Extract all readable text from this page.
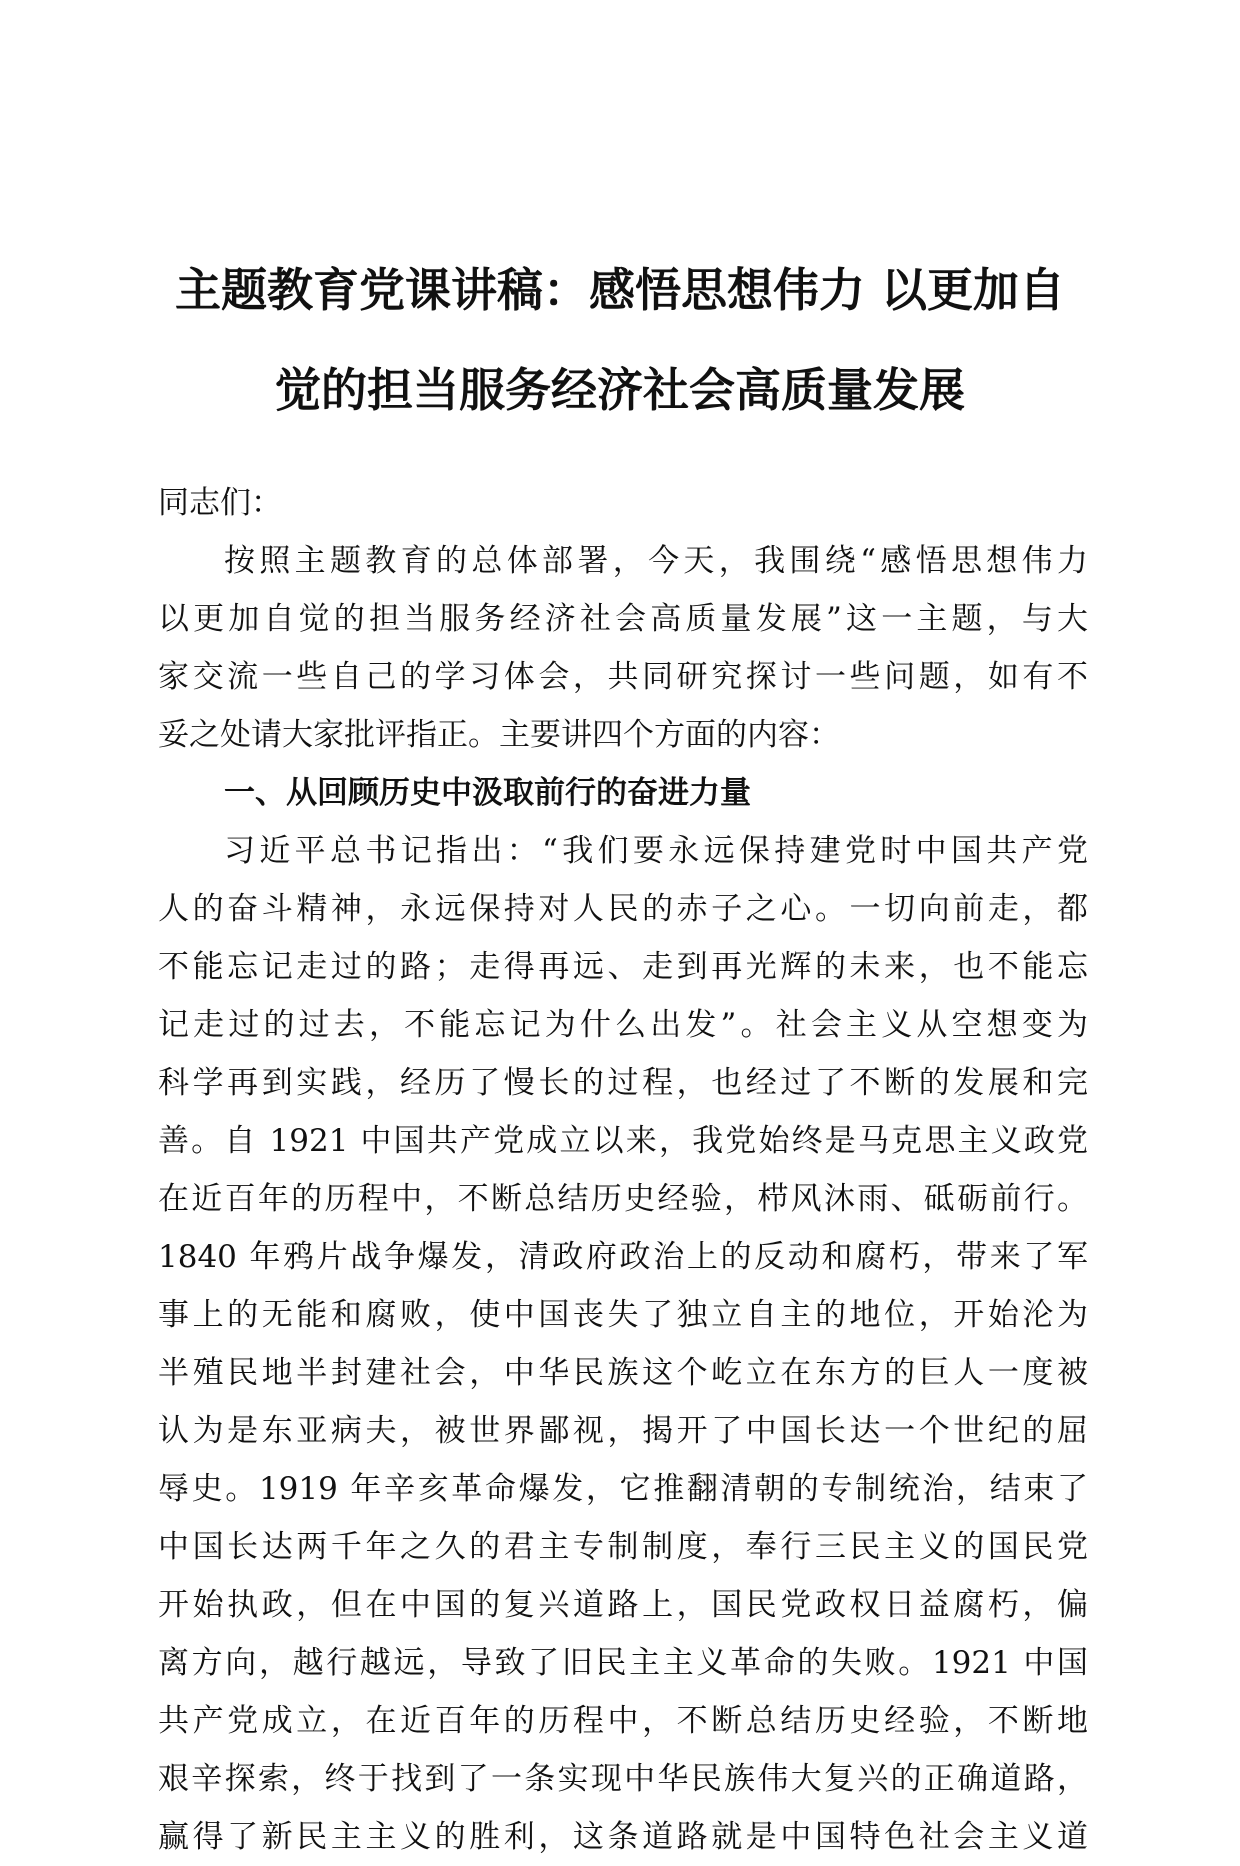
主题教育党课讲稿：感悟思想伟力 以更加自
觉的担当服务经济社会高质量发展
同志们：
按照主题教育的总体部署，今天，我围绕“感悟思想伟力
以更加自觉的担当服务经济社会高质量发展”这一主题，与大
家交流一些自己的学习体会，共同研究探讨一些问题，如有不
妥之处请大家批评指正。主要讲四个方面的内容：
一、从回顾历史中汲取前行的奋进力量
习近平总书记指出：“我们要永远保持建党时中国共产党
人的奋斗精神，永远保持对人民的赤子之心。一切向前走，都
不能忘记走过的路；走得再远、走到再光辉的未来，也不能忘
记走过的过去，不能忘记为什么出发”。社会主义从空想变为
科学再到实践，经历了慢长的过程，也经过了不断的发展和完
善。自 1921 中国共产党成立以来，我党始终是马克思主义政党
在近百年的历程中，不断总结历史经验，栉风沐雨、砥砺前行。
1840 年鸦片战争爆发，清政府政治上的反动和腐朽，带来了军
事上的无能和腐败，使中国丧失了独立自主的地位，开始沦为
半殖民地半封建社会，中华民族这个屹立在东方的巨人一度被
认为是东亚病夫，被世界鄙视，揭开了中国长达一个世纪的屈
辱史。1919 年辛亥革命爆发，它推翻清朝的专制统治，结束了
中国长达两千年之久的君主专制制度，奉行三民主义的国民党
开始执政，但在中国的复兴道路上，国民党政权日益腐朽，偏
离方向，越行越远，导致了旧民主主义革命的失败。1921 中国
共产党成立，在近百年的历程中，不断总结历史经验，不断地
艰辛探索，终于找到了一条实现中华民族伟大复兴的正确道路，
赢得了新民主主义的胜利，这条道路就是中国特色社会主义道
